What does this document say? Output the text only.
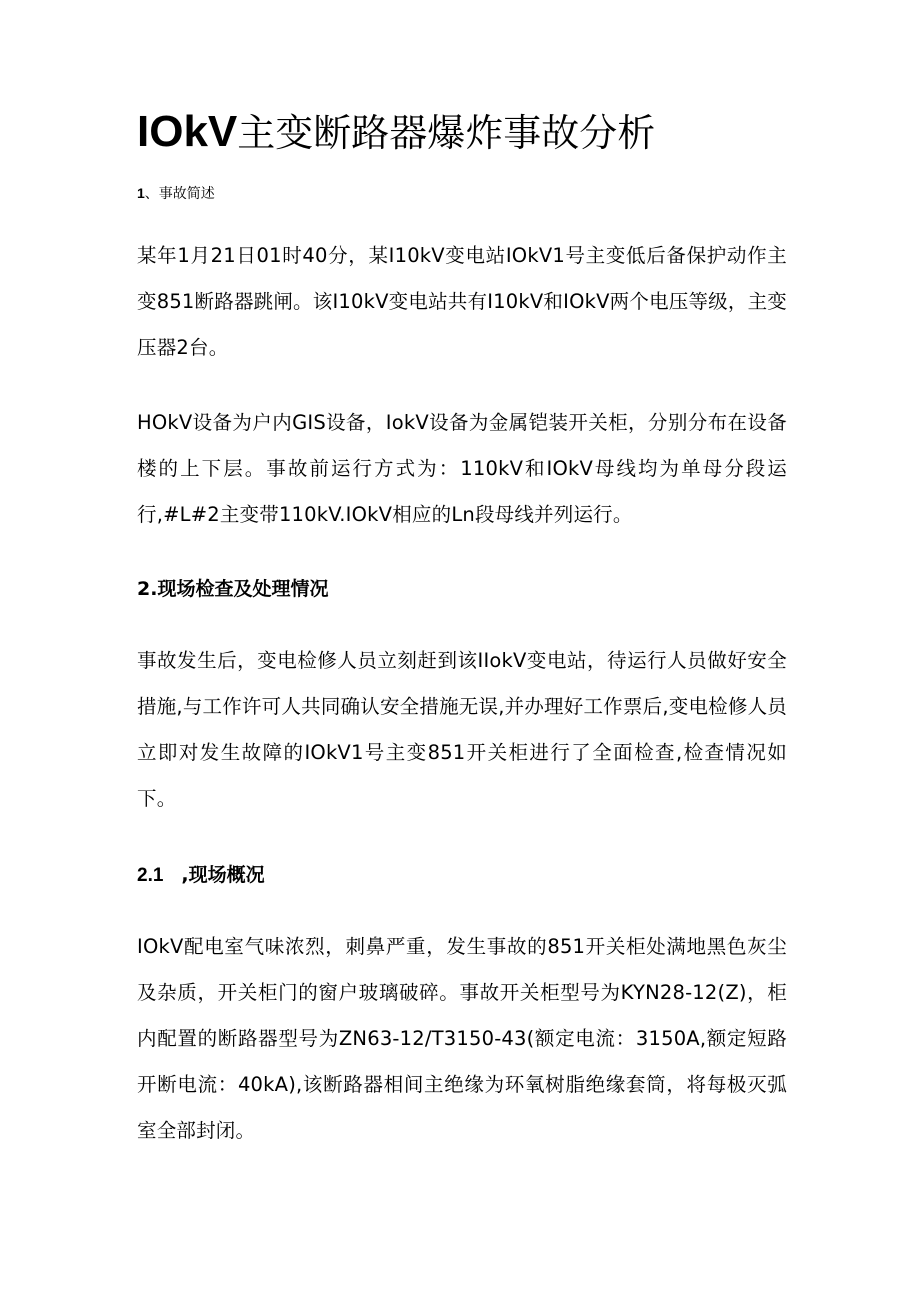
IOkV主变断路器爆炸事故分析
1、事故简述

某年1月21日01时40分，某I10kV变电站IOkV1号主变低后备保护动作主变851断路器跳闸。该I10kV变电站共有I10kV和IOkV两个电压等级，主变压器2台。

HOkV设备为户内GIS设备，IokV设备为金属铠装开关柜，分别分布在设备楼的上下层。事故前运行方式为：110kV和IOkV母线均为单母分段运行,#L#2主变带110kV.IOkV相应的Ln段母线并列运行。

2.现场检查及处理情况

事故发生后，变电检修人员立刻赶到该IIokV变电站，待运行人员做好安全措施,与工作许可人共同确认安全措施无误,并办理好工作票后,变电检修人员立即对发生故障的IOkV1号主变851开关柜进行了全面检查,检查情况如下。

2.1 ,现场概况

IOkV配电室气味浓烈，刺鼻严重，发生事故的851开关柜处满地黑色灰尘及杂质，开关柜门的窗户玻璃破碎。事故开关柜型号为KYN28-12(Z)，柜内配置的断路器型号为ZN63-12/T3150-43(额定电流：3150A,额定短路开断电流：40kA),该断路器相间主绝缘为环氧树脂绝缘套筒，将每极灭弧室全部封闭。
